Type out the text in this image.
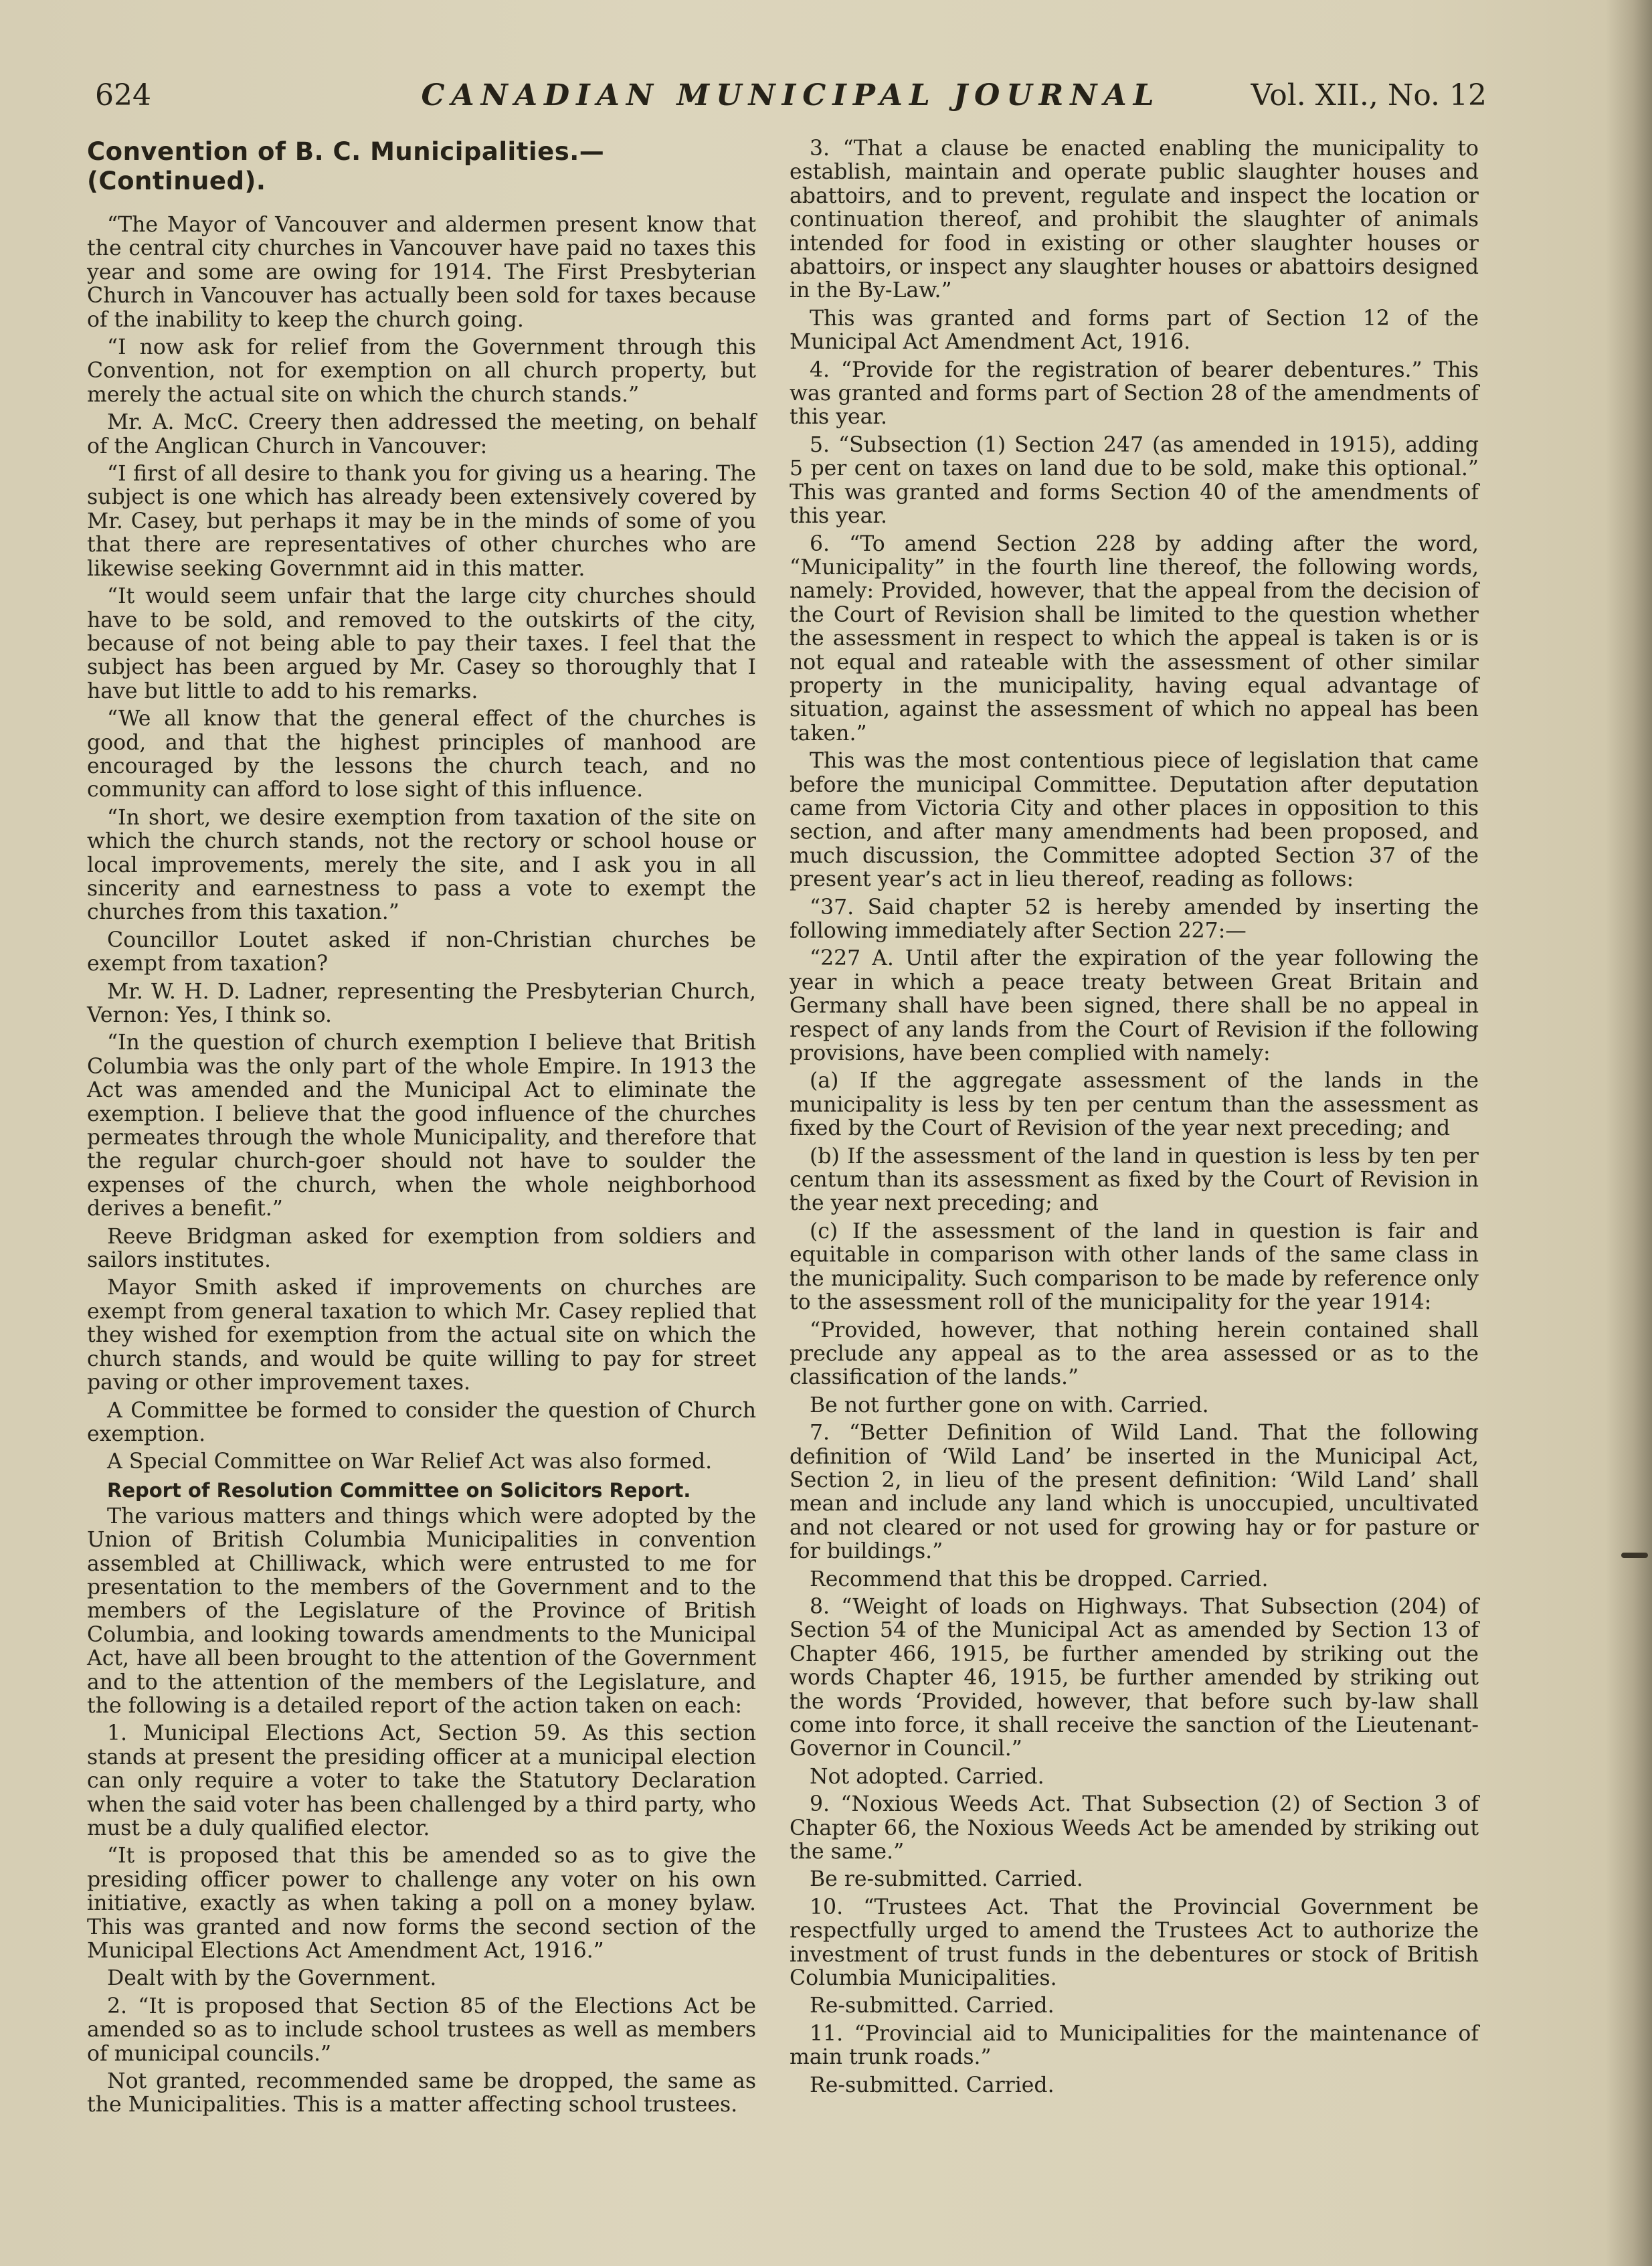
624	CANADIAN MUNICIPAL JOURNAL	Vol. XII., No. 12
Convention of B. C. Municipalities.—(Continued).

“The Mayor of Vancouver and aldermen present know that the central city churches in Vancouver have paid no taxes this year and some are owing for 1914. The First Presbyterian Church in Vancouver has actually been sold for taxes because of the inability to keep the church going.

“I now ask for relief from the Government through this Convention, not for exemption on all church property, but merely the actual site on which the church stands.”

Mr. A. McC. Creery then addressed the meeting, on behalf of the Anglican Church in Vancouver:

“I first of all desire to thank you for giving us a hearing. The subject is one which has already been extensively covered by Mr. Casey, but perhaps it may be in the minds of some of you that there are representatives of other churches who are likewise seeking Governmnt aid in this matter.

“It would seem unfair that the large city churches should have to be sold, and removed to the outskirts of the city, because of not being able to pay their taxes. I feel that the subject has been argued by Mr. Casey so thoroughly that I have but little to add to his remarks.

“We all know that the general effect of the churches is good, and that the highest principles of manhood are encouraged by the lessons the church teach, and no community can afford to lose sight of this influence.

“In short, we desire exemption from taxation of the site on which the church stands, not the rectory or school house or local improvements, merely the site, and I ask you in all sincerity and earnestness to pass a vote to exempt the churches from this taxation.”

Councillor Loutet asked if non-Christian churches be exempt from taxation?

Mr. W. H. D. Ladner, representing the Presbyterian Church, Vernon: Yes, I think so.

“In the question of church exemption I believe that British Columbia was the only part of the whole Empire. In 1913 the Act was amended and the Municipal Act to eliminate the exemption. I believe that the good influence of the churches permeates through the whole Municipality, and therefore that the regular church-goer should not have to soulder the expenses of the church, when the whole neighborhood derives a benefit.”

Reeve Bridgman asked for exemption from soldiers and sailors institutes.

Mayor Smith asked if improvements on churches are exempt from general taxation to which Mr. Casey replied that they wished for exemption from the actual site on which the church stands, and would be quite willing to pay for street paving or other improvement taxes.

A Committee be formed to consider the question of Church exemption.

A Special Committee on War Relief Act was also formed.

Report of Resolution Committee on Solicitors Report.

The various matters and things which were adopted by the Union of British Columbia Municipalities in convention assembled at Chilliwack, which were entrusted to me for presentation to the members of the Government and to the members of the Legislature of the Province of British Columbia, and looking towards amendments to the Municipal Act, have all been brought to the attention of the Government and to the attention of the members of the Legislature, and the following is a detailed report of the action taken on each:

1. Municipal Elections Act, Section 59. As this section stands at present the presiding officer at a municipal election can only require a voter to take the Statutory Declaration when the said voter has been challenged by a third party, who must be a duly qualified elector.

“It is proposed that this be amended so as to give the presiding officer power to challenge any voter on his own initiative, exactly as when taking a poll on a money bylaw. This was granted and now forms the second section of the Municipal Elections Act Amendment Act, 1916.”

Dealt with by the Government.

2. “It is proposed that Section 85 of the Elections Act be amended so as to include school trustees as well as members of municipal councils.”

Not granted, recommended same be dropped, the same as the Municipalities. This is a matter affecting school trustees.

3. “That a clause be enacted enabling the municipality to establish, maintain and operate public slaughter houses and abattoirs, and to prevent, regulate and inspect the location or continuation thereof, and prohibit the slaughter of animals intended for food in existing or other slaughter houses or abattoirs, or inspect any slaughter houses or abattoirs designed in the By-Law.”

This was granted and forms part of Section 12 of the Municipal Act Amendment Act, 1916.

4. “Provide for the registration of bearer debentures.” This was granted and forms part of Section 28 of the amendments of this year.

5. “Subsection (1) Section 247 (as amended in 1915), adding 5 per cent on taxes on land due to be sold, make this optional.” This was granted and forms Section 40 of the amendments of this year.

6. “To amend Section 228 by adding after the word, “Municipality” in the fourth line thereof, the following words, namely: Provided, however, that the appeal from the decision of the Court of Revision shall be limited to the question whether the assessment in respect to which the appeal is taken is or is not equal and rateable with the assessment of other similar property in the municipality, having equal advantage of situation, against the assessment of which no appeal has been taken.”

This was the most contentious piece of legislation that came before the municipal Committee. Deputation after deputation came from Victoria City and other places in opposition to this section, and after many amendments had been proposed, and much discussion, the Committee adopted Section 37 of the present year’s act in lieu thereof, reading as follows:

“37. Said chapter 52 is hereby amended by inserting the following immediately after Section 227:—

“227 A. Until after the expiration of the year following the year in which a peace treaty between Great Britain and Germany shall have been signed, there shall be no appeal in respect of any lands from the Court of Revision if the following provisions, have been complied with namely:

(a) If the aggregate assessment of the lands in the municipality is less by ten per centum than the assessment as fixed by the Court of Revision of the year next preceding; and

(b) If the assessment of the land in question is less by ten per centum than its assessment as fixed by the Court of Revision in the year next preceding; and

(c) If the assessment of the land in question is fair and equitable in comparison with other lands of the same class in the municipality. Such comparison to be made by reference only to the assessment roll of the municipality for the year 1914:

“Provided, however, that nothing herein contained shall preclude any appeal as to the area assessed or as to the classification of the lands.”

Be not further gone on with. Carried.

7. “Better Definition of Wild Land. That the following definition of ‘Wild Land’ be inserted in the Municipal Act, Section 2, in lieu of the present definition: ‘Wild Land’ shall mean and include any land which is unoccupied, uncultivated and not cleared or not used for growing hay or for pasture or for buildings.”

Recommend that this be dropped. Carried.

8. “Weight of loads on Highways. That Subsection (204) of Section 54 of the Municipal Act as amended by Section 13 of Chapter 466, 1915, be further amended by striking out the words Chapter 46, 1915, be further amended by striking out the words ‘Provided, however, that before such by-law shall come into force, it shall receive the sanction of the Lieutenant-Governor in Council.”

Not adopted. Carried.

9. “Noxious Weeds Act. That Subsection (2) of Section 3 of Chapter 66, the Noxious Weeds Act be amended by striking out the same.”

Be re-submitted. Carried.

10. “Trustees Act. That the Provincial Government be respectfully urged to amend the Trustees Act to authorize the investment of trust funds in the debentures or stock of British Columbia Municipalities.

Re-submitted. Carried.

11. “Provincial aid to Municipalities for the maintenance of main trunk roads.”

Re-submitted. Carried.
